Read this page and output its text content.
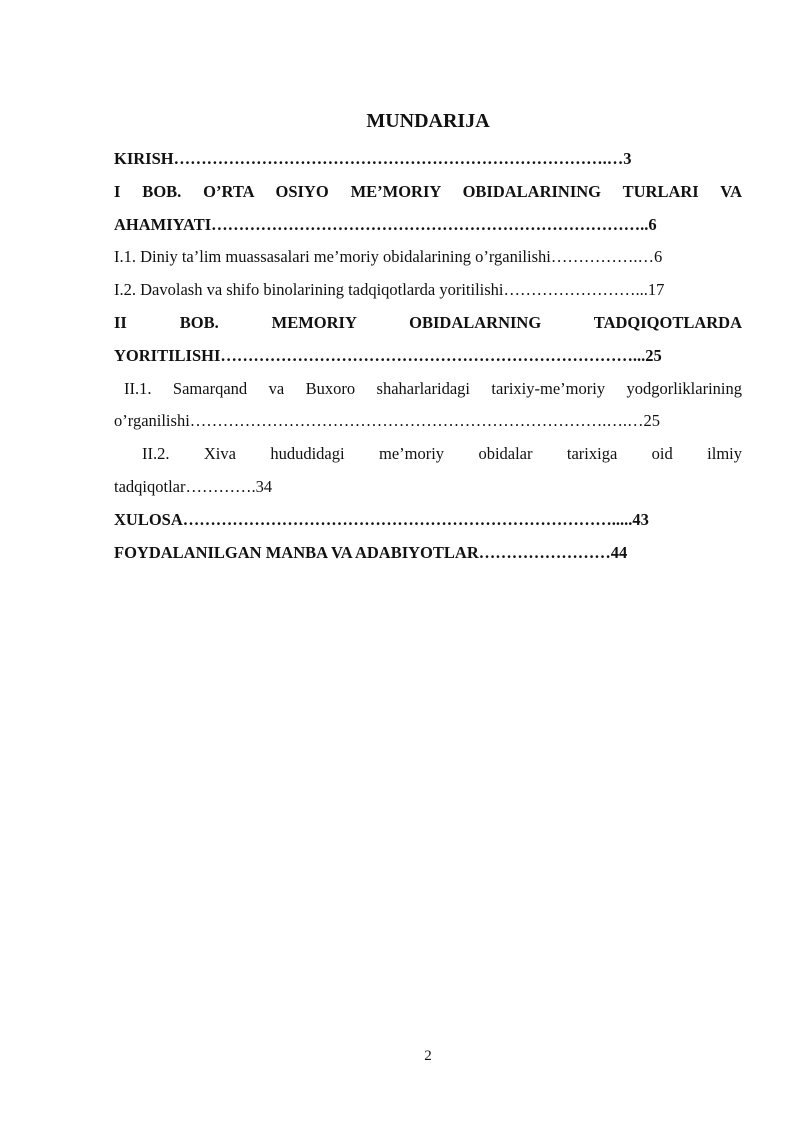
MUNDARIJA
KIRISH…………………………………………………………………….…3
I BOB. O’RTA OSIYO ME’MORIY OBIDALARINING TURLARI VA
AHAMIYATI……………………………………………………………………..6
I.1. Diniy ta’lim muassasalari me’moriy obidalarining o’rganilishi…………….…6
I.2. Davolash va shifo binolarining tadqiqotlarda yoritilishi……………………...17
II BOB. MEMORIY OBIDALARNING TADQIQOTLARDA
YORITILISHI…………………………………………………………………...25
II.1. Samarqand va Buxoro shaharlaridagi tarixiy-me’moriy yodgorliklarining
o’rganilishi………………………………………………………………….….…25
II.2. Xiva hududidagi me’moriy obidalar tarixiga oid ilmiy
tadqiqotlar………….34
XULOSA…………………………………………………………………….....43
FOYDALANILGAN MANBA VA ADABIYOTLAR……………………44
2
